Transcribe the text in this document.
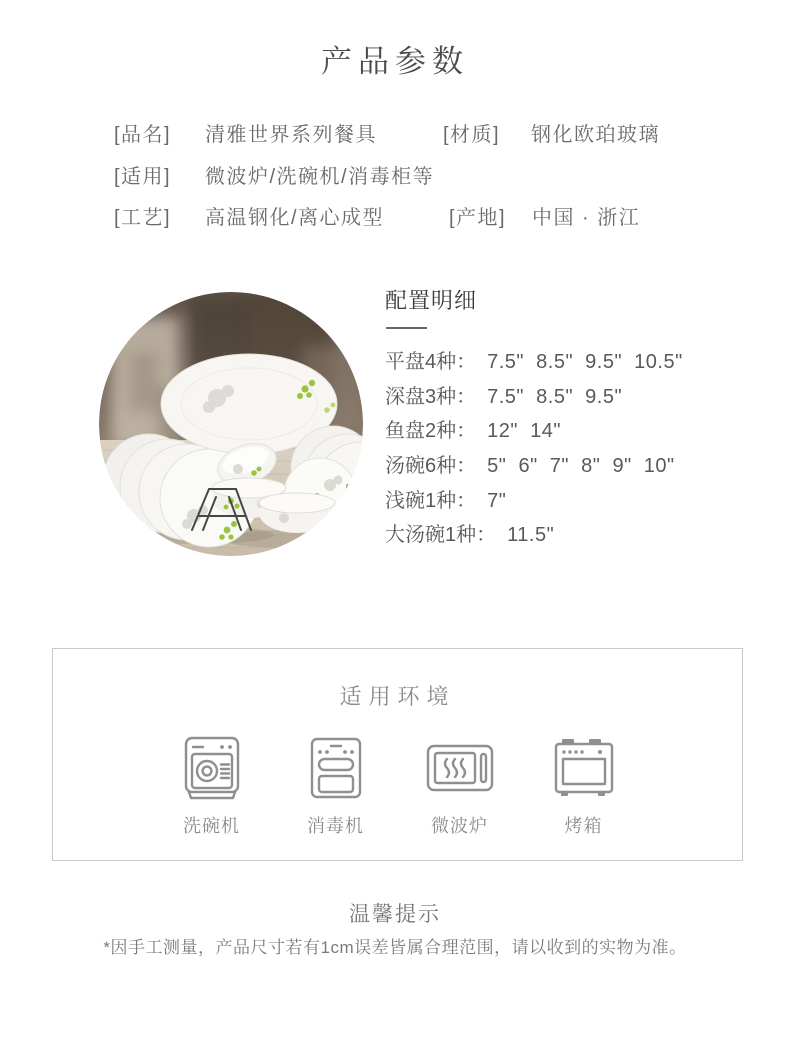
产品参数
[品名] 清雅世界系列餐具	[材质] 钢化欧珀玻璃
[适用] 微波炉/洗碗机/消毒柜等
[工艺] 高温钢化/离心成型	[产地] 中国 · 浙江
配置明细
平盘4种： 7.5"  8.5"  9.5"  10.5"
深盘3种： 7.5"  8.5"  9.5"
鱼盘2种： 12"  14"
汤碗6种： 5"  6"  7"  8"  9"  10"
浅碗1种： 7"
大汤碗1种： 11.5"
适用环境
洗碗机	消毒机	微波炉	烤箱
温馨提示
*因手工测量，产品尺寸若有1cm误差皆属合理范围，请以收到的实物为准。
